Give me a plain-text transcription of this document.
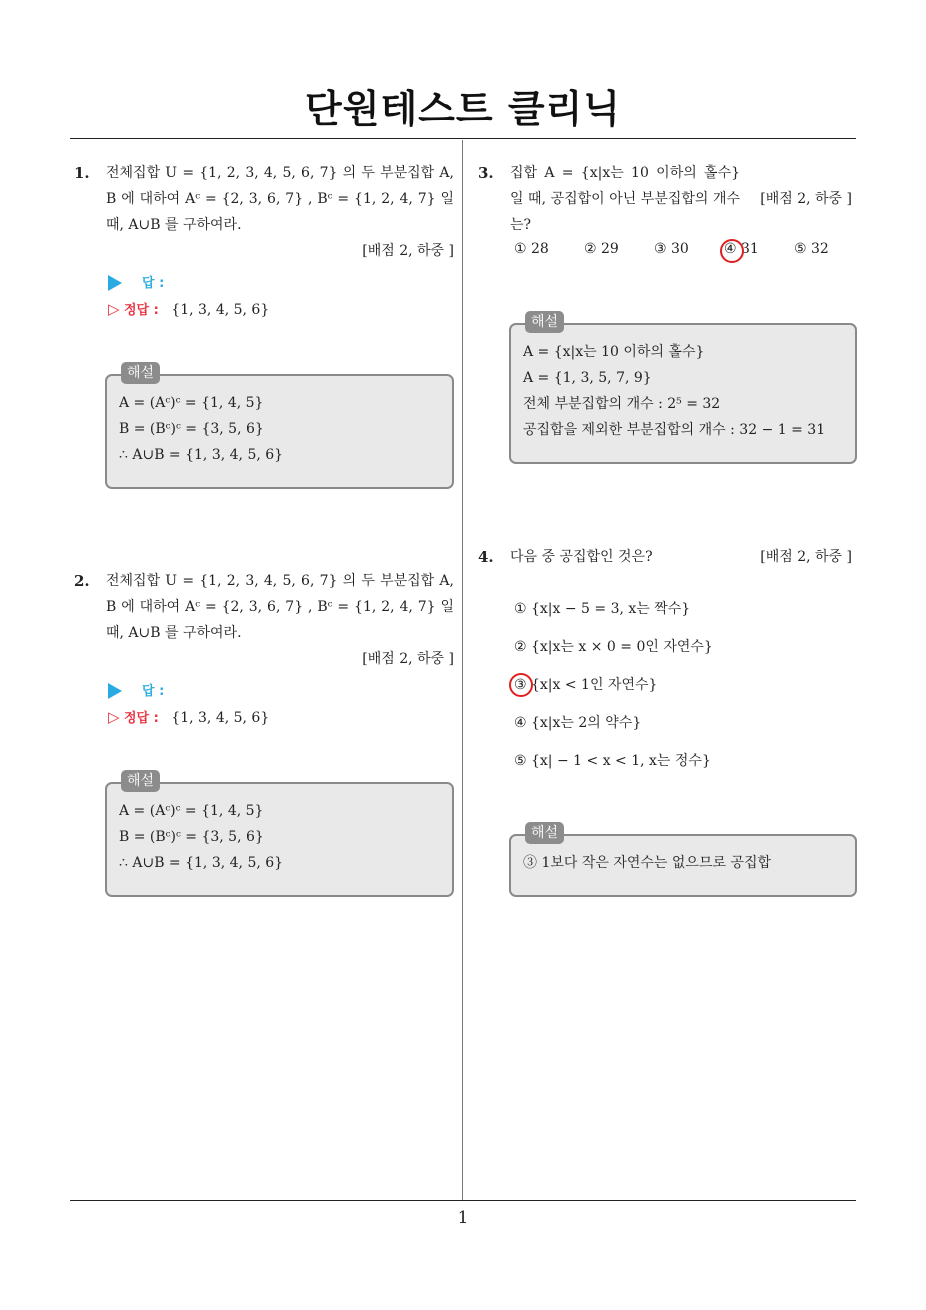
단원테스트 클리닉
1. 전체집합 U = {1, 2, 3, 4, 5, 6, 7} 의 두 부분집합 A, B 에 대하여 Aᶜ = {2, 3, 6, 7} , Bᶜ = {1, 2, 4, 7} 일 때, A∪B 를 구하여라.
[배점 2, 하중 ]
답 :
▷ 정답 : {1, 3, 4, 5, 6}
해설
A = (Aᶜ)ᶜ = {1, 4, 5}
B = (Bᶜ)ᶜ = {3, 5, 6}
∴ A∪B = {1, 3, 4, 5, 6}
2. 전체집합 U = {1, 2, 3, 4, 5, 6, 7} 의 두 부분집합 A, B 에 대하여 Aᶜ = {2, 3, 6, 7} , Bᶜ = {1, 2, 4, 7} 일 때, A∪B 를 구하여라.
[배점 2, 하중 ]
답 :
▷ 정답 : {1, 3, 4, 5, 6}
해설
A = (Aᶜ)ᶜ = {1, 4, 5}
B = (Bᶜ)ᶜ = {3, 5, 6}
∴ A∪B = {1, 3, 4, 5, 6}
3. 집합 A = {x|x는 10 이하의 홀수} 일 때, 공집합이 아닌 부분집합의 개수는?
[배점 2, 하중 ]
① 28	② 29	③ 30	④ 31	⑤ 32
해설
A = {x|x는 10 이하의 홀수}
A = {1, 3, 5, 7, 9}
전체 부분집합의 개수 : 2⁵ = 32
공집합을 제외한 부분집합의 개수 : 32 − 1 = 31
4. 다음 중 공집합인 것은?	[배점 2, 하중 ]
① {x|x − 5 = 3, x는 짝수}
② {x|x는 x × 0 = 0인 자연수}
③ {x|x < 1인 자연수}
④ {x|x는 2의 약수}
⑤ {x| − 1 < x < 1, x는 정수}
해설
③ 1보다 작은 자연수는 없으므로 공집합
1
